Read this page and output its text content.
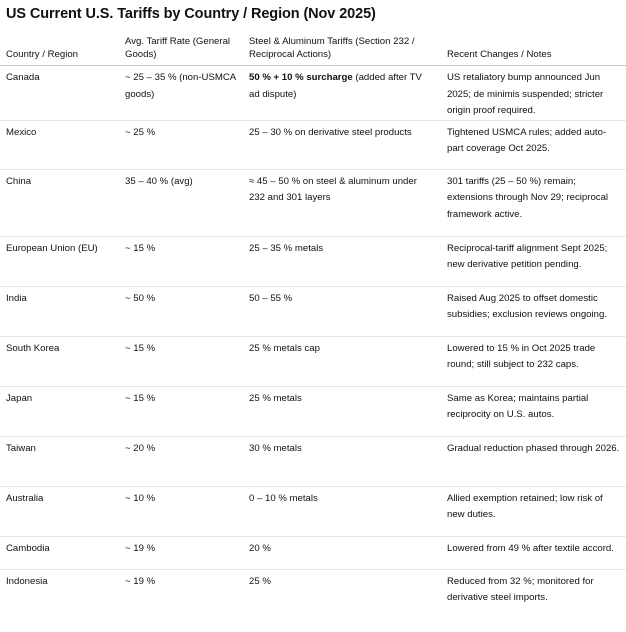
US Current U.S. Tariffs by Country / Region (Nov 2025)
Country / Region	Avg. Tariff Rate (General Goods)	Steel & Aluminum Tariffs (Section 232 / Reciprocal Actions)	Recent Changes / Notes
Canada	~ 25 – 35 % (non-USMCA goods)	50 % + 10 % surcharge (added after TV ad dispute)	US retaliatory bump announced Jun 2025; de minimis suspended; stricter origin proof required.
Mexico	~ 25 %	25 – 30 % on derivative steel products	Tightened USMCA rules; added auto-part coverage Oct 2025.
China	35 – 40 % (avg)	≈ 45 – 50 % on steel & aluminum under 232 and 301 layers	301 tariffs (25 – 50 %) remain; extensions through Nov 29; reciprocal framework active.
European Union (EU)	~ 15 %	25 – 35 % metals	Reciprocal-tariff alignment Sept 2025; new derivative petition pending.
India	~ 50 %	50 – 55 %	Raised Aug 2025 to offset domestic subsidies; exclusion reviews ongoing.
South Korea	~ 15 %	25 % metals cap	Lowered to 15 % in Oct 2025 trade round; still subject to 232 caps.
Japan	~ 15 %	25 % metals	Same as Korea; maintains partial reciprocity on U.S. autos.
Taiwan	~ 20 %	30 % metals	Gradual reduction phased through 2026.
Australia	~ 10 %	0 – 10 % metals	Allied exemption retained; low risk of new duties.
Cambodia	~ 19 %	20 %	Lowered from 49 % after textile accord.
Indonesia	~ 19 %	25 %	Reduced from 32 %; monitored for derivative steel imports.
